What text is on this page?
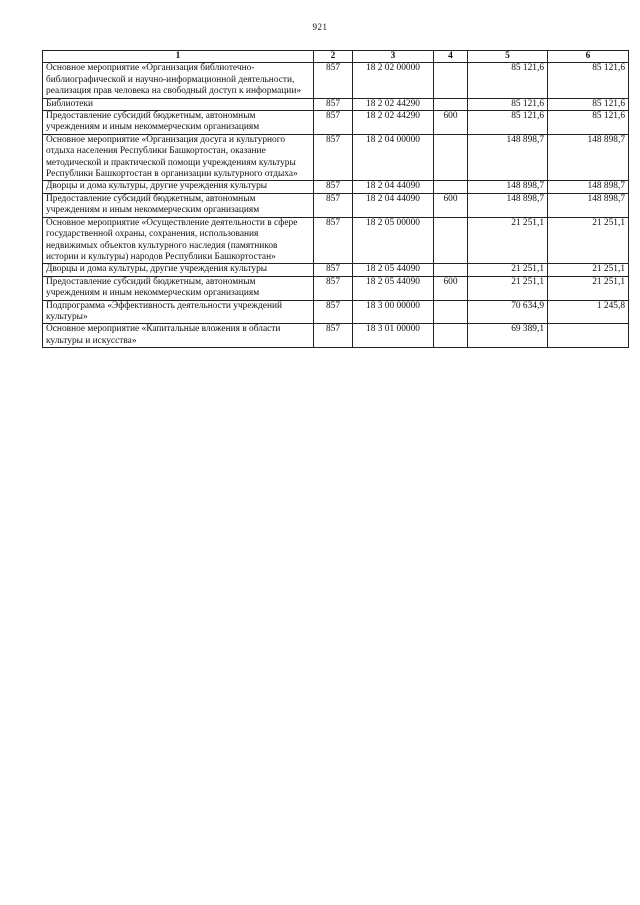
921
1	2	3	4	5	6
Основное мероприятие «Организация библиотечно-библиографической и научно-информационной деятельности, реализация прав человека на свободный доступ к информации»	857	18 2 02 00000		85 121,6	85 121,6
Библиотеки	857	18 2 02 44290		85 121,6	85 121,6
Предоставление субсидий бюджетным, автономным учреждениям и иным некоммерческим организациям	857	18 2 02 44290	600	85 121,6	85 121,6
Основное мероприятие «Организация досуга и культурного отдыха населения Республики Башкортостан, оказание методической и практической помощи учреждениям культуры Республики Башкортостан в организации культурного отдыха»	857	18 2 04 00000		148 898,7	148 898,7
Дворцы и дома культуры, другие учреждения культуры	857	18 2 04 44090		148 898,7	148 898,7
Предоставление субсидий бюджетным, автономным учреждениям и иным некоммерческим организациям	857	18 2 04 44090	600	148 898,7	148 898,7
Основное мероприятие «Осуществление деятельности в сфере государственной охраны, сохранения, использования недвижимых объектов культурного наследия (памятников истории и культуры) народов Республики Башкортостан»	857	18 2 05 00000		21 251,1	21 251,1
Дворцы и дома культуры, другие учреждения культуры	857	18 2 05 44090		21 251,1	21 251,1
Предоставление субсидий бюджетным, автономным учреждениям и иным некоммерческим организациям	857	18 2 05 44090	600	21 251,1	21 251,1
Подпрограмма «Эффективность деятельности учреждений культуры»	857	18 3 00 00000		70 634,9	1 245,8
Основное мероприятие «Капитальные вложения в области культуры и искусства»	857	18 3 01 00000		69 389,1	
